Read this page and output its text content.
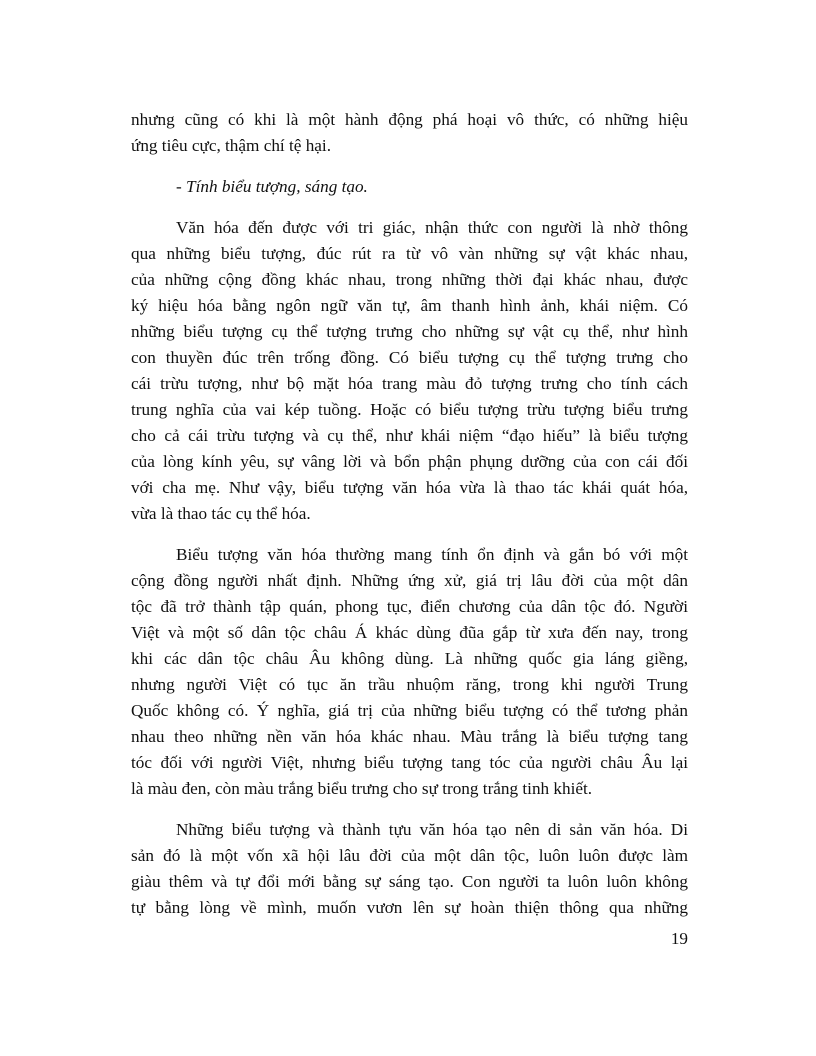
nhưng cũng có khi là một hành động phá hoại vô thức, có những hiệu
ứng tiêu cực, thậm chí tệ hại.
- Tính biểu tượng, sáng tạo.
Văn hóa đến được với tri giác, nhận thức con người là nhờ thông
qua những biểu tượng, đúc rút ra từ vô vàn những sự vật khác nhau,
của những cộng đồng khác nhau, trong những thời đại khác nhau, được
ký hiệu hóa bằng ngôn ngữ văn tự, âm thanh hình ảnh, khái niệm. Có
những biểu tượng cụ thể tượng trưng cho những sự vật cụ thể, như hình
con thuyền đúc trên trống đồng. Có biểu tượng cụ thể tượng trưng cho
cái trừu tượng, như bộ mặt hóa trang màu đỏ tượng trưng cho tính cách
trung nghĩa của vai kép tuồng. Hoặc có biểu tượng trừu tượng biểu trưng
cho cả cái trừu tượng và cụ thể, như khái niệm “đạo hiếu” là biểu tượng
của lòng kính yêu, sự vâng lời và bổn phận phụng dưỡng của con cái đối
với cha mẹ. Như vậy, biểu tượng văn hóa vừa là thao tác khái quát hóa,
vừa là thao tác cụ thể hóa.
Biểu tượng văn hóa thường mang tính ổn định và gắn bó với một
cộng đồng người nhất định. Những ứng xử, giá trị lâu đời của một dân
tộc đã trở thành tập quán, phong tục, điển chương của dân tộc đó. Người
Việt và một số dân tộc châu Á khác dùng đũa gắp từ xưa đến nay, trong
khi các dân tộc châu Âu không dùng. Là những quốc gia láng giềng,
nhưng người Việt có tục ăn trầu nhuộm răng, trong khi người Trung
Quốc không có. Ý nghĩa, giá trị của những biểu tượng có thể tương phản
nhau theo những nền văn hóa khác nhau. Màu trắng là biểu tượng tang
tóc đối với người Việt, nhưng biểu tượng tang tóc của người châu Âu lại
là màu đen, còn màu trắng biểu trưng cho sự trong trắng tinh khiết.
Những biểu tượng và thành tựu văn hóa tạo nên di sản văn hóa. Di
sản đó là một vốn xã hội lâu đời của một dân tộc, luôn luôn được làm
giàu thêm và tự đổi mới bằng sự sáng tạo. Con người ta luôn luôn không
tự bằng lòng về mình, muốn vươn lên sự hoàn thiện thông qua những
19
